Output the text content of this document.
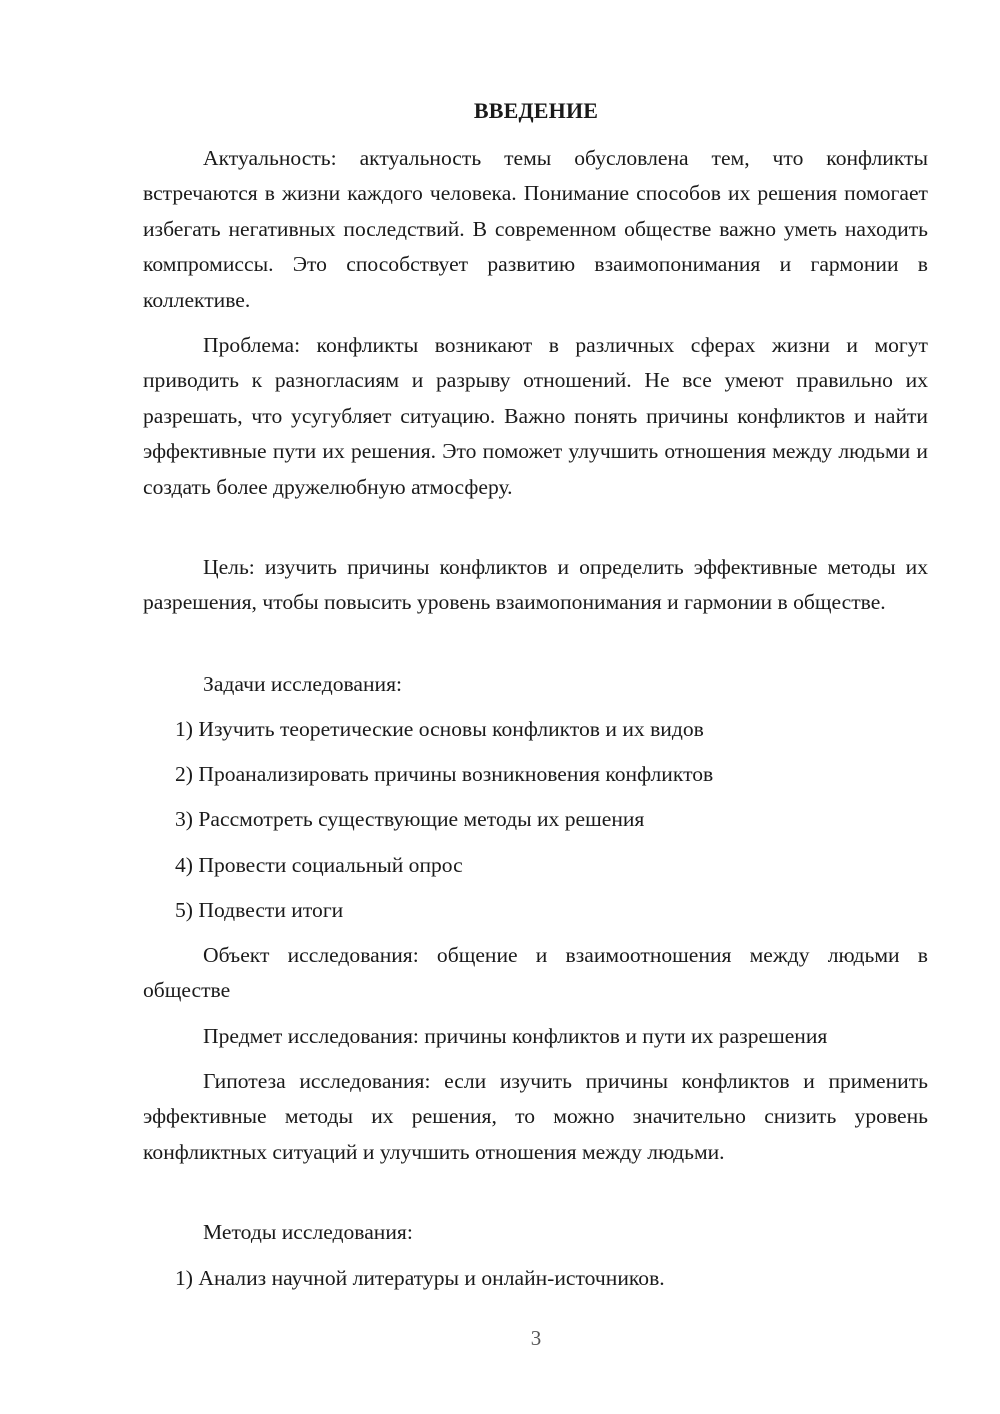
ВВЕДЕНИЕ

Актуальность: актуальность темы обусловлена тем, что конфликты встречаются в жизни каждого человека. Понимание способов их решения помогает избегать негативных последствий. В современном обществе важно уметь находить компромиссы. Это способствует развитию взаимопонимания и гармонии в коллективе.

Проблема: конфликты возникают в различных сферах жизни и могут приводить к разногласиям и разрыву отношений. Не все умеют правильно их разрешать, что усугубляет ситуацию. Важно понять причины конфликтов и найти эффективные пути их решения. Это поможет улучшить отношения между людьми и создать более дружелюбную атмосферу.

Цель: изучить причины конфликтов и определить эффективные методы их разрешения, чтобы повысить уровень взаимопонимания и гармонии в обществе.

Задачи исследования:
1) Изучить теоретические основы конфликтов и их видов
2) Проанализировать причины возникновения конфликтов
3) Рассмотреть существующие методы их решения
4) Провести социальный опрос
5) Подвести итоги

Объект исследования: общение и взаимоотношения между людьми в обществе

Предмет исследования: причины конфликтов и пути их разрешения

Гипотеза исследования: если изучить причины конфликтов и применить эффективные методы их решения, то можно значительно снизить уровень конфликтных ситуаций и улучшить отношения между людьми.

Методы исследования:
1) Анализ научной литературы и онлайн-источников.
3
